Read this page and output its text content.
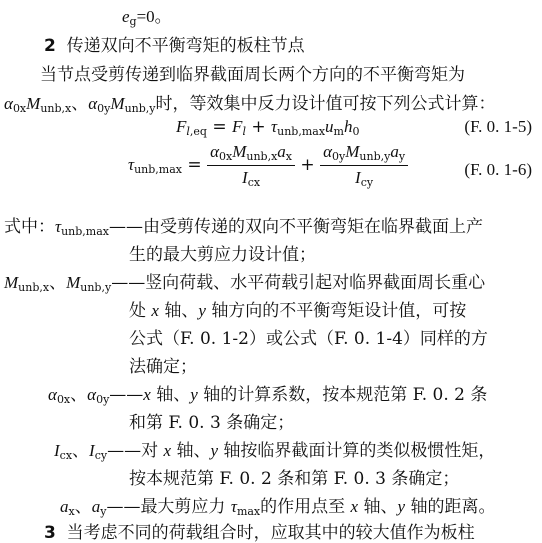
$e_g=0$。
2 传递双向不平衡弯矩的板柱节点
当节点受剪传递到临界截面周长两个方向的不平衡弯矩为
$\alpha_{0x}M_{unb,x}$、$\alpha_{0y}M_{unb,y}$时，等效集中反力设计值可按下列公式计算：
$Fl_{,eq} = Fl + \tau_{unb,max}u_mh_0$	(F. 0. 1-5)
$\tau_{unb,max} = \frac{\alpha_{0x}M_{unb,x}a_x}{I_{cx}} + \frac{\alpha_{0y}M_{unb,y}a_y}{I_{cy}}$	(F. 0. 1-6)
式中：$\tau_{unb,max}——$由受剪传递的双向不平衡弯矩在临界截面上产
生的最大剪应力设计值；
$M_{unb,x}$、$M_{unb,y}——$竖向荷载、水平荷载引起对临界截面周长重心
处 x 轴、y 轴方向的不平衡弯矩设计值，可按
公式（F. 0. 1-2）或公式（F. 0. 1-4）同样的方
法确定；
$\alpha_{0x}$、$\alpha_{0y}——x$ 轴、y 轴的计算系数，按本规范第 F. 0. 2 条
和第 F. 0. 3 条确定；
$I_{cx}$、$I_{cy}——$对 x 轴、y 轴按临界截面计算的类似极惯性矩，
按本规范第 F. 0. 2 条和第 F. 0. 3 条确定；
$a_x$、$a_y——$最大剪应力 $\tau_{max}$的作用点至 x 轴、y 轴的距离。
3 当考虑不同的荷载组合时，应取其中的较大值作为板柱
